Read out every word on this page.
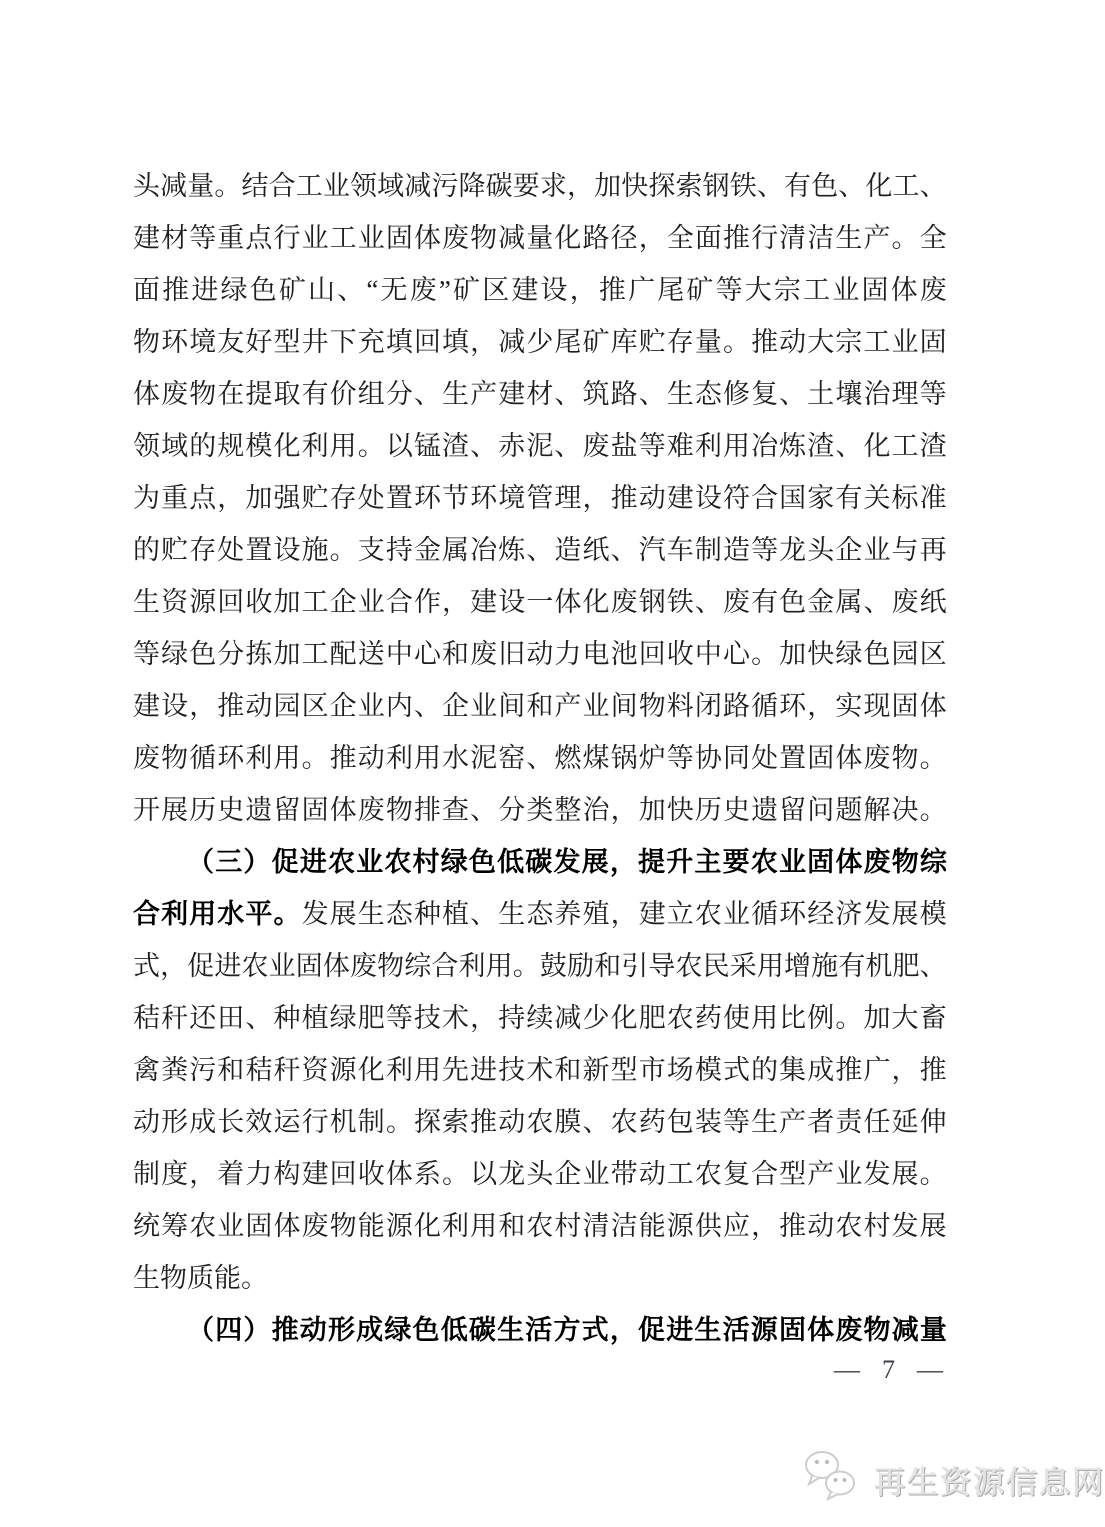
头 减 量 。 结 合 工 业 领 域 减 污 降 碳 要 求 ， 加 快 探 索 钢 铁 、 有 色 、 化 工 、
建 材 等 重 点 行 业 工 业 固 体 废 物 减 量 化 路 径 ， 全 面 推 行 清 洁 生 产 。 全
面 推 进 绿 色 矿 山 、 “ 无 废 ” 矿 区 建 设 ， 推 广 尾 矿 等 大 宗 工 业 固 体 废
物 环 境 友 好 型 井 下 充 填 回 填 ， 减 少 尾 矿 库 贮 存 量 。 推 动 大 宗 工 业 固
体 废 物 在 提 取 有 价 组 分 、 生 产 建 材 、 筑 路 、 生 态 修 复 、 土 壤 治 理 等
领 域 的 规 模 化 利 用 。 以 锰 渣 、 赤 泥 、 废 盐 等 难 利 用 冶 炼 渣 、 化 工 渣
为 重 点 ， 加 强 贮 存 处 置 环 节 环 境 管 理 ， 推 动 建 设 符 合 国 家 有 关 标 准
的 贮 存 处 置 设 施 。 支 持 金 属 冶 炼 、 造 纸 、 汽 车 制 造 等 龙 头 企 业 与 再
生 资 源 回 收 加 工 企 业 合 作 ， 建 设 一 体 化 废 钢 铁 、 废 有 色 金 属 、 废 纸
等 绿 色 分 拣 加 工 配 送 中 心 和 废 旧 动 力 电 池 回 收 中 心 。 加 快 绿 色 园 区
建 设 ， 推 动 园 区 企 业 内 、 企 业 间 和 产 业 间 物 料 闭 路 循 环 ， 实 现 固 体
废 物 循 环 利 用 。 推 动 利 用 水 泥 窑 、 燃 煤 锅 炉 等 协 同 处 置 固 体 废 物 。
开 展 历 史 遗 留 固 体 废 物 排 查 、 分 类 整 治 ， 加 快 历 史 遗 留 问 题 解 决 。
（ 三 ） 促 进 农 业 农 村 绿 色 低 碳 发 展 ， 提 升 主 要 农 业 固 体 废 物 综
合 利 用 水 平 。 发 展 生 态 种 植 、 生 态 养 殖 ， 建 立 农 业 循 环 经 济 发 展 模
式 ， 促 进 农 业 固 体 废 物 综 合 利 用 。 鼓 励 和 引 导 农 民 采 用 增 施 有 机 肥 、
秸 秆 还 田 、 种 植 绿 肥 等 技 术 ， 持 续 减 少 化 肥 农 药 使 用 比 例 。 加 大 畜
禽 粪 污 和 秸 秆 资 源 化 利 用 先 进 技 术 和 新 型 市 场 模 式 的 集 成 推 广 ， 推
动 形 成 长 效 运 行 机 制 。 探 索 推 动 农 膜 、 农 药 包 装 等 生 产 者 责 任 延 伸
制 度 ， 着 力 构 建 回 收 体 系 。 以 龙 头 企 业 带 动 工 农 复 合 型 产 业 发 展 。
统 筹 农 业 固 体 废 物 能 源 化 利 用 和 农 村 清 洁 能 源 供 应 ， 推 动 农 村 发 展
生 物 质 能 。
（ 四 ） 推 动 形 成 绿 色 低 碳 生 活 方 式 ， 促 进 生 活 源 固 体 废 物 减 量
— 7 —
再生资源信息网
